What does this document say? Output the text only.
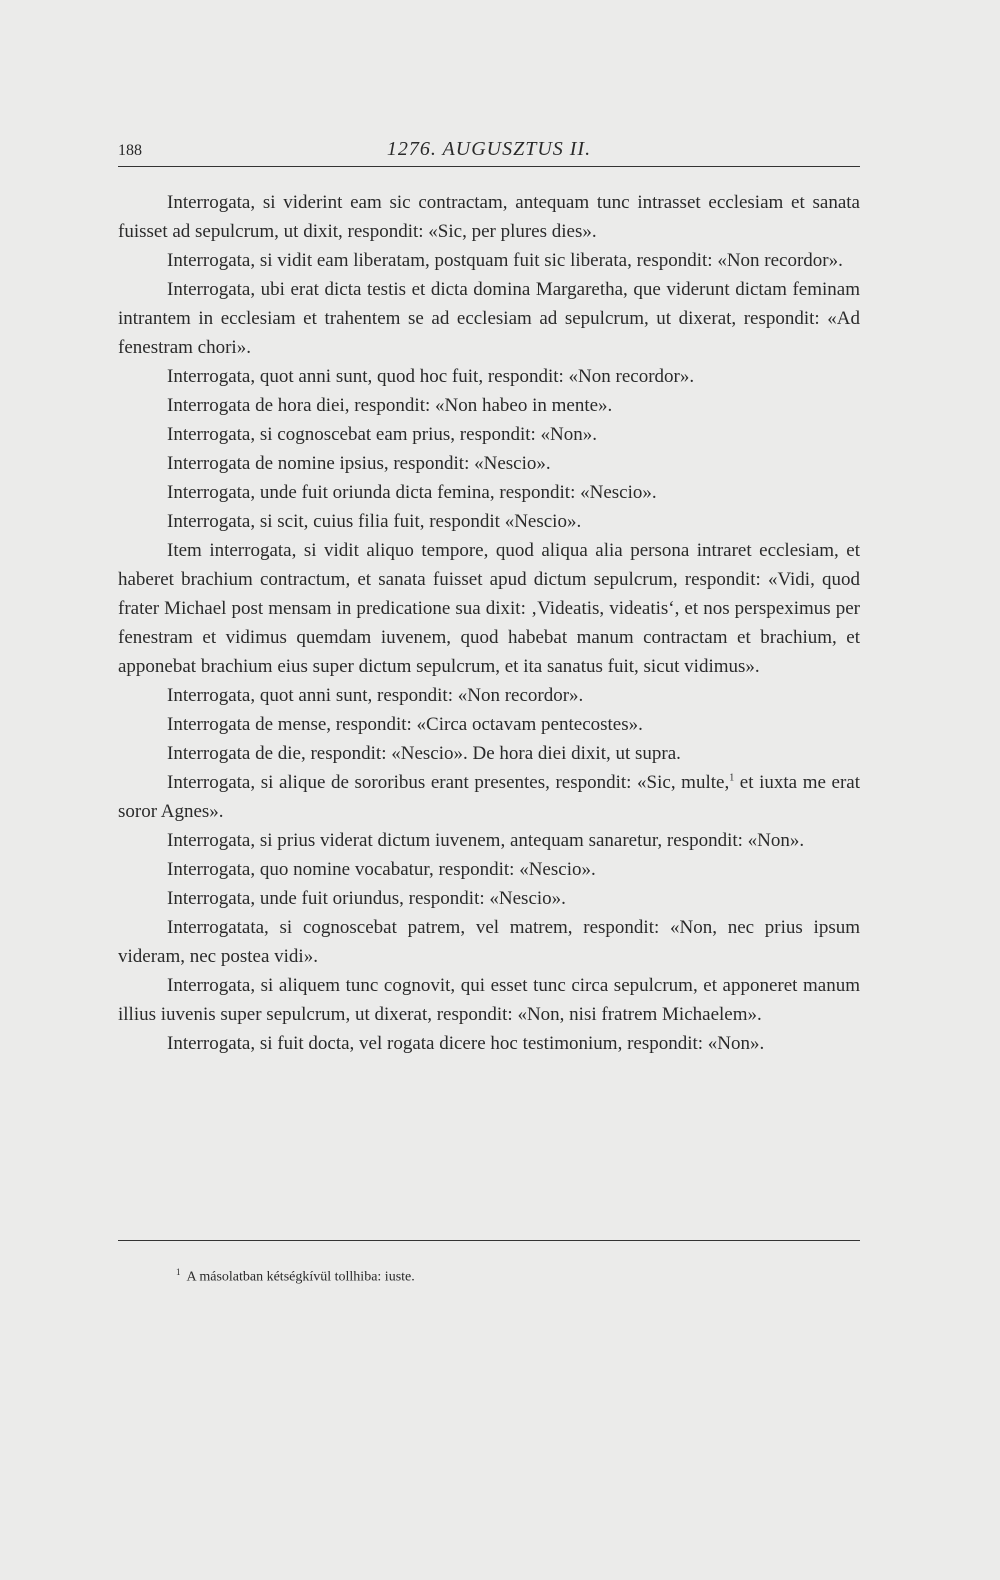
188	1276. AUGUSZTUS II.

Interrogata, si viderint eam sic contractam, antequam tunc intrasset ecclesiam et sanata fuisset ad sepulcrum, ut dixit, respondit: «Sic, per plures dies».

Interrogata, si vidit eam liberatam, postquam fuit sic liberata, respondit: «Non recordor».

Interrogata, ubi erat dicta testis et dicta domina Margaretha, que viderunt dictam feminam intrantem in ecclesiam et trahentem se ad ecclesiam ad sepulcrum, ut dixerat, respondit: «Ad fenestram chori».

Interrogata, quot anni sunt, quod hoc fuit, respondit: «Non recordor».

Interrogata de hora diei, respondit: «Non habeo in mente».

Interrogata, si cognoscebat eam prius, respondit: «Non».

Interrogata de nomine ipsius, respondit: «Nescio».

Interrogata, unde fuit oriunda dicta femina, respondit: «Nescio».

Interrogata, si scit, cuius filia fuit, respondit «Nescio».

Item interrogata, si vidit aliquo tempore, quod aliqua alia persona intraret ecclesiam, et haberet brachium contractum, et sanata fuisset apud dictum sepulcrum, respondit: «Vidi, quod frater Michael post mensam in predicatione sua dixit: ‚Videatis, videatis‘, et nos perspeximus per fenestram et vidimus quemdam iuvenem, quod habebat manum contractam et brachium, et apponebat brachium eius super dictum sepulcrum, et ita sanatus fuit, sicut vidimus».

Interrogata, quot anni sunt, respondit: «Non recordor».

Interrogata de mense, respondit: «Circa octavam pentecostes».

Interrogata de die, respondit: «Nescio». De hora diei dixit, ut supra.

Interrogata, si alique de sororibus erant presentes, respondit: «Sic, multe,$^1$ et iuxta me erat soror Agnes».

Interrogata, si prius viderat dictum iuvenem, antequam sanaretur, respondit: «Non».

Interrogata, quo nomine vocabatur, respondit: «Nescio».

Interrogata, unde fuit oriundus, respondit: «Nescio».

Interrogatata, si cognoscebat patrem, vel matrem, respondit: «Non, nec prius ipsum videram, nec postea vidi».

Interrogata, si aliquem tunc cognovit, qui esset tunc circa sepulcrum, et apponeret manum illius iuvenis super sepulcrum, ut dixerat, respondit: «Non, nisi fratrem Michaelem».

Interrogata, si fuit docta, vel rogata dicere hoc testimonium, respondit: «Non».

$^1$ A másolatban kétségkívül tollhiba: iuste.
